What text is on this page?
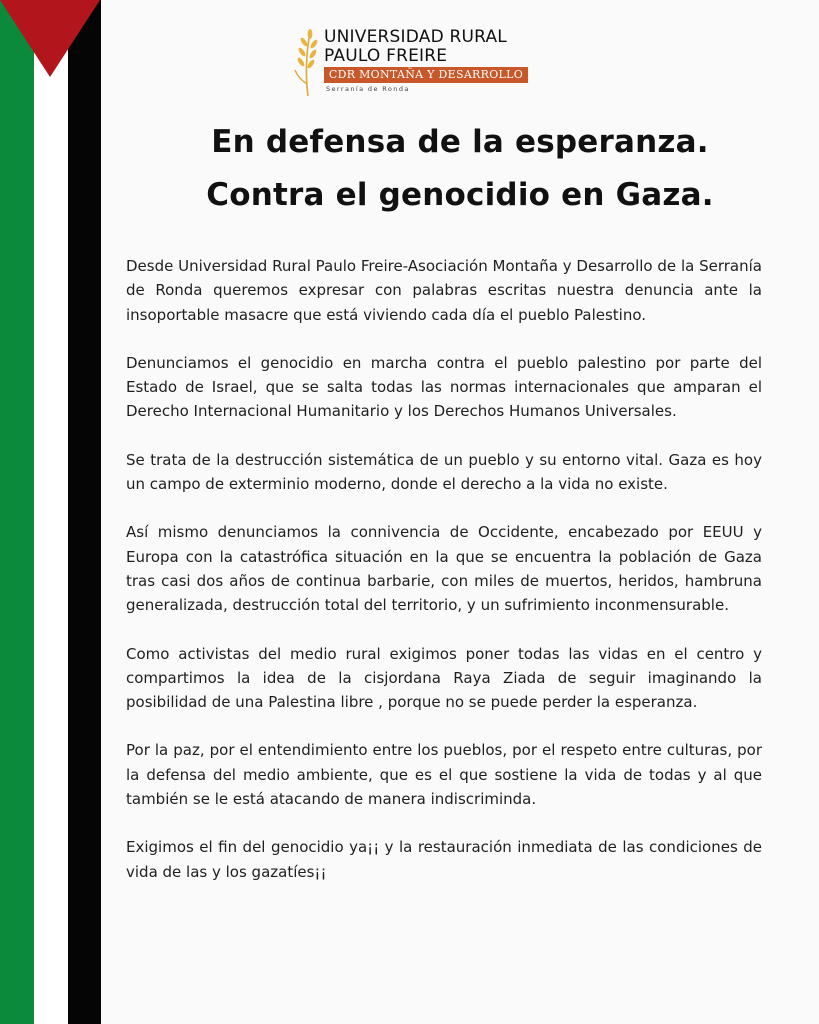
UNIVERSIDAD RURAL
PAULO FREIRE
CDR MONTAÑA Y DESARROLLO
Serranía de Ronda
En defensa de la esperanza.
Contra el genocidio en Gaza.

Desde Universidad Rural Paulo Freire-Asociación Montaña y Desarrollo de la Serranía de Ronda queremos expresar con palabras escritas nuestra denuncia ante la insoportable masacre que está viviendo cada día el pueblo Palestino.

Denunciamos el genocidio en marcha contra el pueblo palestino por parte del Estado de Israel, que se salta todas las normas internacionales que amparan el Derecho Internacional Humanitario y los Derechos Humanos Universales.

Se trata de la destrucción sistemática de un pueblo y su entorno vital. Gaza es hoy un campo de exterminio moderno, donde el derecho a la vida no existe.

Así mismo denunciamos la connivencia de Occidente, encabezado por EEUU y Europa con la catastrófica situación en la que se encuentra la población de Gaza tras casi dos años de continua barbarie, con miles de muertos, heridos, hambruna generalizada, destrucción total del territorio, y un sufrimiento inconmensurable.

Como activistas del medio rural exigimos poner todas las vidas en el centro y compartimos la idea de la cisjordana Raya Ziada de seguir imaginando la posibilidad de una Palestina libre , porque no se puede perder la esperanza.

Por la paz, por el entendimiento entre los pueblos, por el respeto entre culturas, por la defensa del medio ambiente, que es el que sostiene la vida de todas y al que también se le está atacando de manera indiscriminda.

Exigimos el fin del genocidio ya¡¡ y la restauración inmediata de las condiciones de vida de las y los gazatíes¡¡
